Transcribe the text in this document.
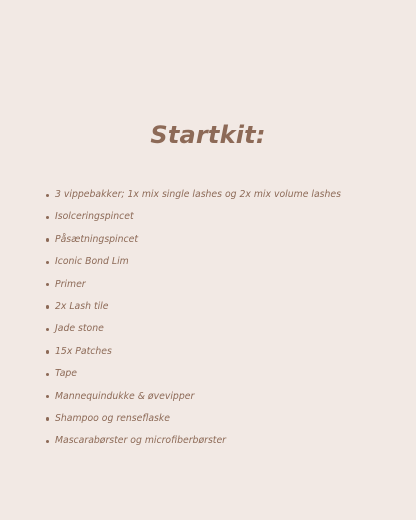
Startkit:
3 vippebakker; 1x mix single lashes og 2x mix volume lashes
Isolceringspincet
Påsætningspincet
Iconic Bond Lim
Primer
2x Lash tile
Jade stone
15x Patches
Tape
Mannequindukke & øvevipper
Shampoo og renseflaske
Mascarabørster og microfiberbørster
